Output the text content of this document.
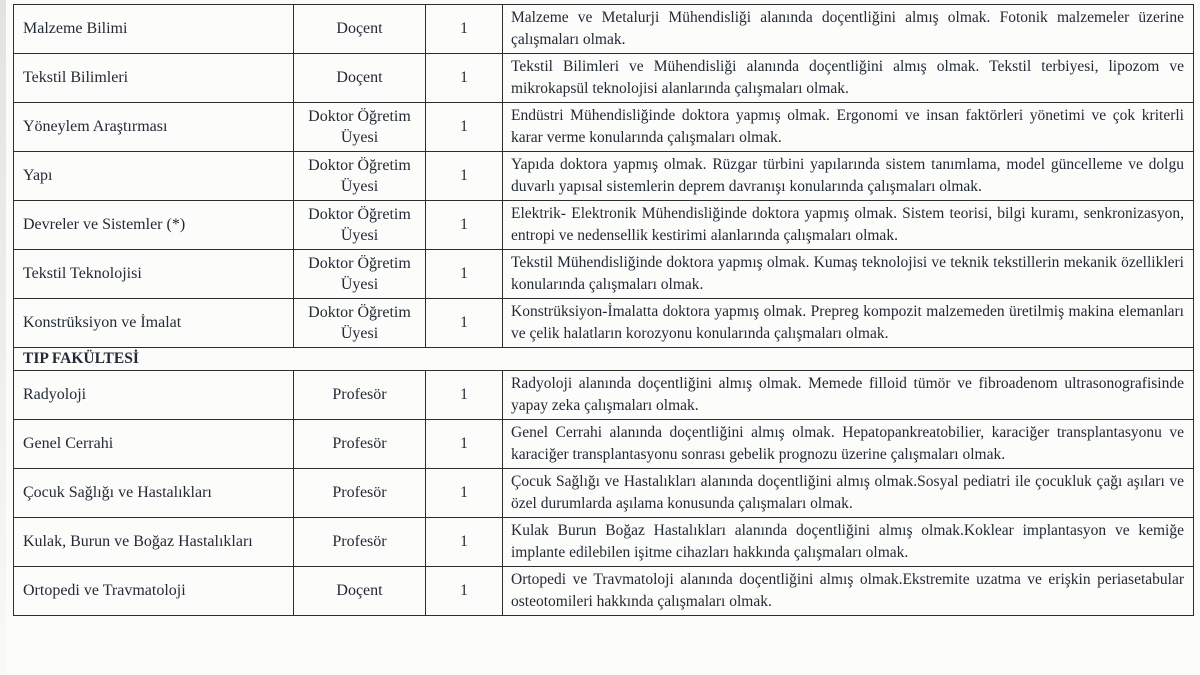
Malzeme Bilimi	Doçent	1	Malzeme ve Metalurji Mühendisliği alanında doçentliğini almış olmak. Fotonik malzemeler üzerine çalışmaları olmak.
Tekstil Bilimleri	Doçent	1	Tekstil Bilimleri ve Mühendisliği alanında doçentliğini almış olmak. Tekstil terbiyesi, lipozom ve mikrokapsül teknolojisi alanlarında çalışmaları olmak.
Yöneylem Araştırması	Doktor Öğretim Üyesi	1	Endüstri Mühendisliğinde doktora yapmış olmak. Ergonomi ve insan faktörleri yönetimi ve çok kriterli karar verme konularında çalışmaları olmak.
Yapı	Doktor Öğretim Üyesi	1	Yapıda doktora yapmış olmak. Rüzgar türbini yapılarında sistem tanımlama, model güncelleme ve dolgu duvarlı yapısal sistemlerin deprem davranışı konularında çalışmaları olmak.
Devreler ve Sistemler (*)	Doktor Öğretim Üyesi	1	Elektrik- Elektronik Mühendisliğinde doktora yapmış olmak. Sistem teorisi, bilgi kuramı, senkronizasyon, entropi ve nedensellik kestirimi alanlarında çalışmaları olmak.
Tekstil Teknolojisi	Doktor Öğretim Üyesi	1	Tekstil Mühendisliğinde doktora yapmış olmak. Kumaş teknolojisi ve teknik tekstillerin mekanik özellikleri konularında çalışmaları olmak.
Konstrüksiyon ve İmalat	Doktor Öğretim Üyesi	1	Konstrüksiyon-İmalatta doktora yapmış olmak. Prepreg kompozit malzemeden üretilmiş makina elemanları ve çelik halatların korozyonu konularında çalışmaları olmak.
TIP FAKÜLTESİ			
Radyoloji	Profesör	1	Radyoloji alanında doçentliğini almış olmak. Memede filloid tümör ve fibroadenom ultrasonografisinde yapay zeka çalışmaları olmak.
Genel Cerrahi	Profesör	1	Genel Cerrahi alanında doçentliğini almış olmak. Hepatopankreatobilier, karaciğer transplantasyonu ve karaciğer transplantasyonu sonrası gebelik prognozu üzerine çalışmaları olmak.
Çocuk Sağlığı ve Hastalıkları	Profesör	1	Çocuk Sağlığı ve Hastalıkları alanında doçentliğini almış olmak.Sosyal pediatri ile çocukluk çağı aşıları ve özel durumlarda aşılama konusunda çalışmaları olmak.
Kulak, Burun ve Boğaz Hastalıkları	Profesör	1	Kulak Burun Boğaz Hastalıkları alanında doçentliğini almış olmak.Koklear implantasyon ve kemiğe implante edilebilen işitme cihazları hakkında çalışmaları olmak.
Ortopedi ve Travmatoloji	Doçent	1	Ortopedi ve Travmatoloji alanında doçentliğini almış olmak.Ekstremite uzatma ve erişkin periasetabular osteotomileri hakkında çalışmaları olmak.
